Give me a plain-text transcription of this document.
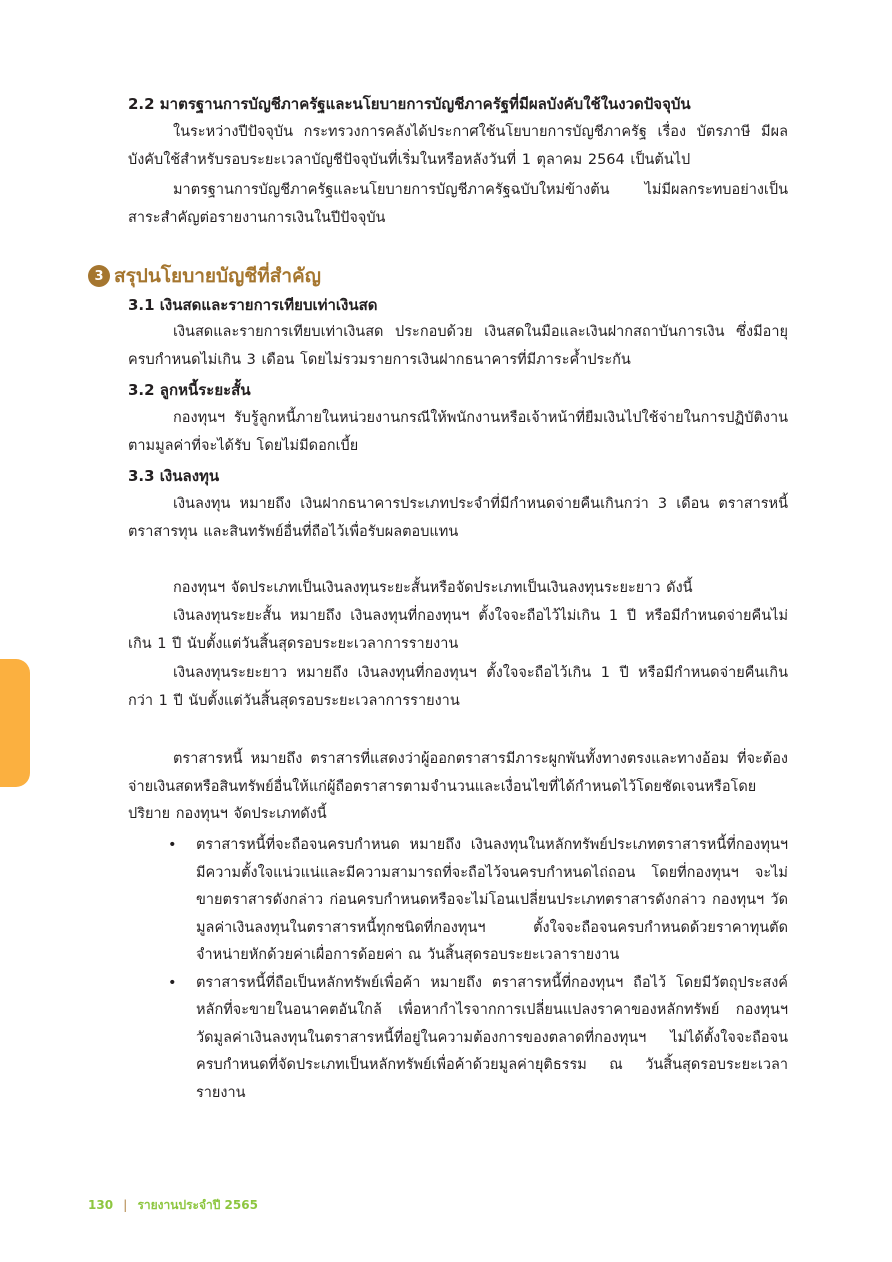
2.2 มาตรฐานการบัญชีภาครัฐและนโยบายการบัญชีภาครัฐที่มีผลบังคับใช้ในงวดปัจจุบัน
ในระหว่างปีปัจจุบัน กระทรวงการคลังได้ประกาศใช้นโยบายการบัญชีภาครัฐ เรื่อง บัตรภาษี มีผลบังคับใช้สำหรับรอบระยะเวลาบัญชีปัจจุบันที่เริ่มในหรือหลังวันที่ 1 ตุลาคม 2564 เป็นต้นไป
มาตรฐานการบัญชีภาครัฐและนโยบายการบัญชีภาครัฐฉบับใหม่ข้างต้น ไม่มีผลกระทบอย่างเป็นสาระสำคัญต่อรายงานการเงินในปีปัจจุบัน
3 สรุปนโยบายบัญชีที่สำคัญ
3.1 เงินสดและรายการเทียบเท่าเงินสด
เงินสดและรายการเทียบเท่าเงินสด ประกอบด้วย เงินสดในมือและเงินฝากสถาบันการเงิน ซึ่งมีอายุครบกำหนดไม่เกิน 3 เดือน โดยไม่รวมรายการเงินฝากธนาคารที่มีภาระค้ำประกัน
3.2 ลูกหนี้ระยะสั้น
กองทุนฯ รับรู้ลูกหนี้ภายในหน่วยงานกรณีให้พนักงานหรือเจ้าหน้าที่ยืมเงินไปใช้จ่ายในการปฏิบัติงานตามมูลค่าที่จะได้รับ โดยไม่มีดอกเบี้ย
3.3 เงินลงทุน
เงินลงทุน หมายถึง เงินฝากธนาคารประเภทประจำที่มีกำหนดจ่ายคืนเกินกว่า 3 เดือน ตราสารหนี้ ตราสารทุน และสินทรัพย์อื่นที่ถือไว้เพื่อรับผลตอบแทน
กองทุนฯ จัดประเภทเป็นเงินลงทุนระยะสั้นหรือจัดประเภทเป็นเงินลงทุนระยะยาว ดังนี้
เงินลงทุนระยะสั้น หมายถึง เงินลงทุนที่กองทุนฯ ตั้งใจจะถือไว้ไม่เกิน 1 ปี หรือมีกำหนดจ่ายคืนไม่เกิน 1 ปี นับตั้งแต่วันสิ้นสุดรอบระยะเวลาการรายงาน
เงินลงทุนระยะยาว หมายถึง เงินลงทุนที่กองทุนฯ ตั้งใจจะถือไว้เกิน 1 ปี หรือมีกำหนดจ่ายคืนเกินกว่า 1 ปี นับตั้งแต่วันสิ้นสุดรอบระยะเวลาการรายงาน
ตราสารหนี้ หมายถึง ตราสารที่แสดงว่าผู้ออกตราสารมีภาระผูกพันทั้งทางตรงและทางอ้อม ที่จะต้องจ่ายเงินสดหรือสินทรัพย์อื่นให้แก่ผู้ถือตราสารตามจำนวนและเงื่อนไขที่ได้กำหนดไว้โดยชัดเจนหรือโดยปริยาย กองทุนฯ จัดประเภทดังนี้
•	ตราสารหนี้ที่จะถือจนครบกำหนด หมายถึง เงินลงทุนในหลักทรัพย์ประเภทตราสารหนี้ที่กองทุนฯ มีความตั้งใจแน่วแน่และมีความสามารถที่จะถือไว้จนครบกำหนดไถ่ถอน โดยที่กองทุนฯ จะไม่ขายตราสารดังกล่าว ก่อนครบกำหนดหรือจะไม่โอนเปลี่ยนประเภทตราสารดังกล่าว กองทุนฯ วัดมูลค่าเงินลงทุนในตราสารหนี้ทุกชนิดที่กองทุนฯ ตั้งใจจะถือจนครบกำหนดด้วยราคาทุนตัดจำหน่ายหักด้วยค่าเผื่อการด้อยค่า ณ วันสิ้นสุดรอบระยะเวลารายงาน
•	ตราสารหนี้ที่ถือเป็นหลักทรัพย์เพื่อค้า หมายถึง ตราสารหนี้ที่กองทุนฯ ถือไว้ โดยมีวัตถุประสงค์หลักที่จะขายในอนาคตอันใกล้ เพื่อหากำไรจากการเปลี่ยนแปลงราคาของหลักทรัพย์ กองทุนฯ วัดมูลค่าเงินลงทุนในตราสารหนี้ที่อยู่ในความต้องการของตลาดที่กองทุนฯ ไม่ได้ตั้งใจจะถือจนครบกำหนดที่จัดประเภทเป็นหลักทรัพย์เพื่อค้าด้วยมูลค่ายุติธรรม ณ วันสิ้นสุดรอบระยะเวลารายงาน
130 | รายงานประจำปี 2565
